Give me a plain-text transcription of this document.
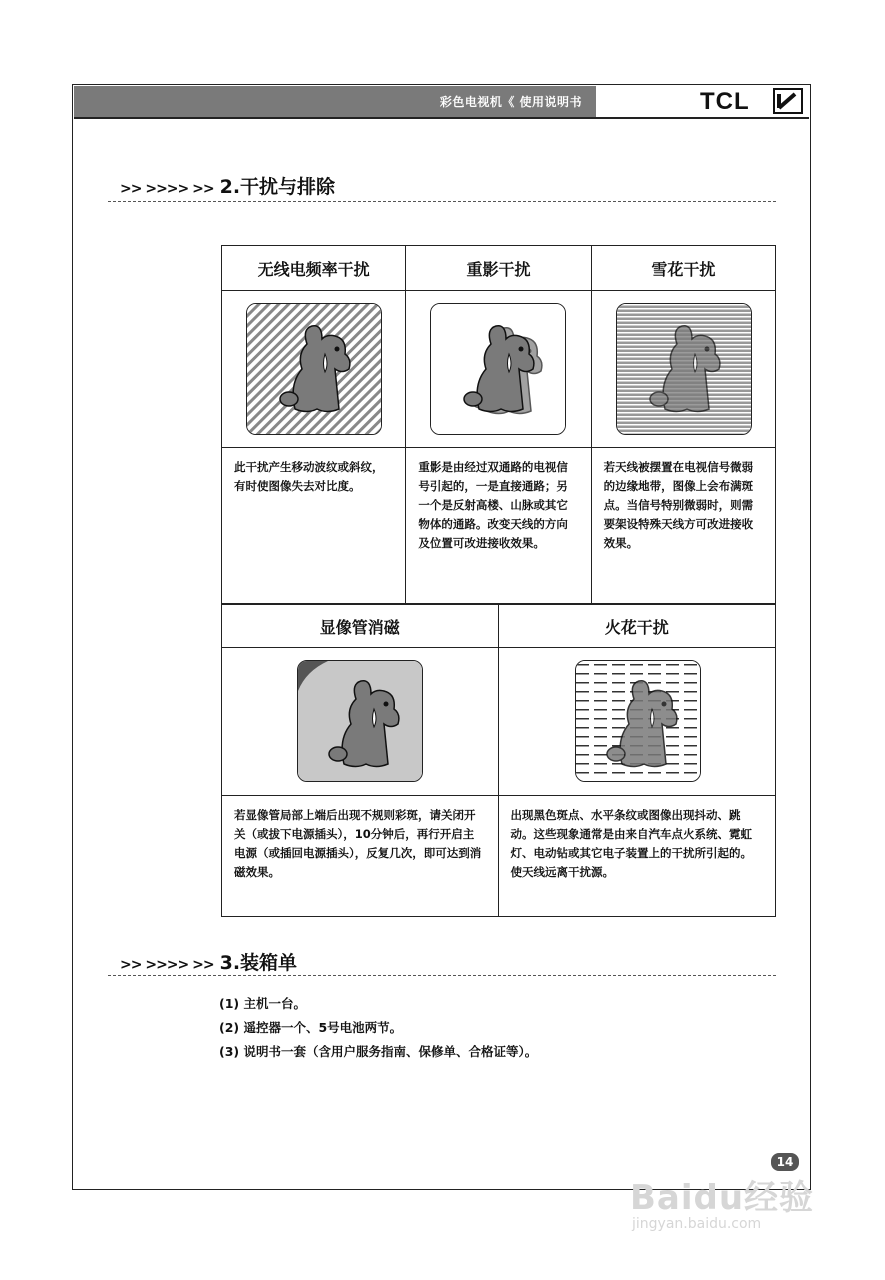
彩色电视机《 使用说明书	TCL
>> >>>> >> 2.干扰与排除
无线电频率干扰	重影干扰	雪花干扰

此干扰产生移动波纹或斜纹，有时使图像失去对比度。	重影是由经过双通路的电视信号引起的，一是直接通路；另一个是反射高楼、山脉或其它物体的通路。改变天线的方向及位置可改进接收效果。	若天线被摆置在电视信号微弱的边缘地带，图像上会布满斑点。当信号特别微弱时，则需要架设特殊天线方可改进接收效果。
显像管消磁	火花干扰

若显像管局部上端后出现不规则彩斑，请关闭开关（或拔下电源插头），10分钟后，再行开启主电源（或插回电源插头），反复几次，即可达到消磁效果。	出现黑色斑点、水平条纹或图像出现抖动、跳动。这些现象通常是由来自汽车点火系统、霓虹灯、电动钻或其它电子装置上的干扰所引起的。使天线远离干扰源。
>> >>>> >> 3.装箱单
(1) 主机一台。
(2) 遥控器一个、5号电池两节。
(3) 说明书一套（含用户服务指南、保修单、合格证等）。
14
Baidu经验
jingyan.baidu.com
